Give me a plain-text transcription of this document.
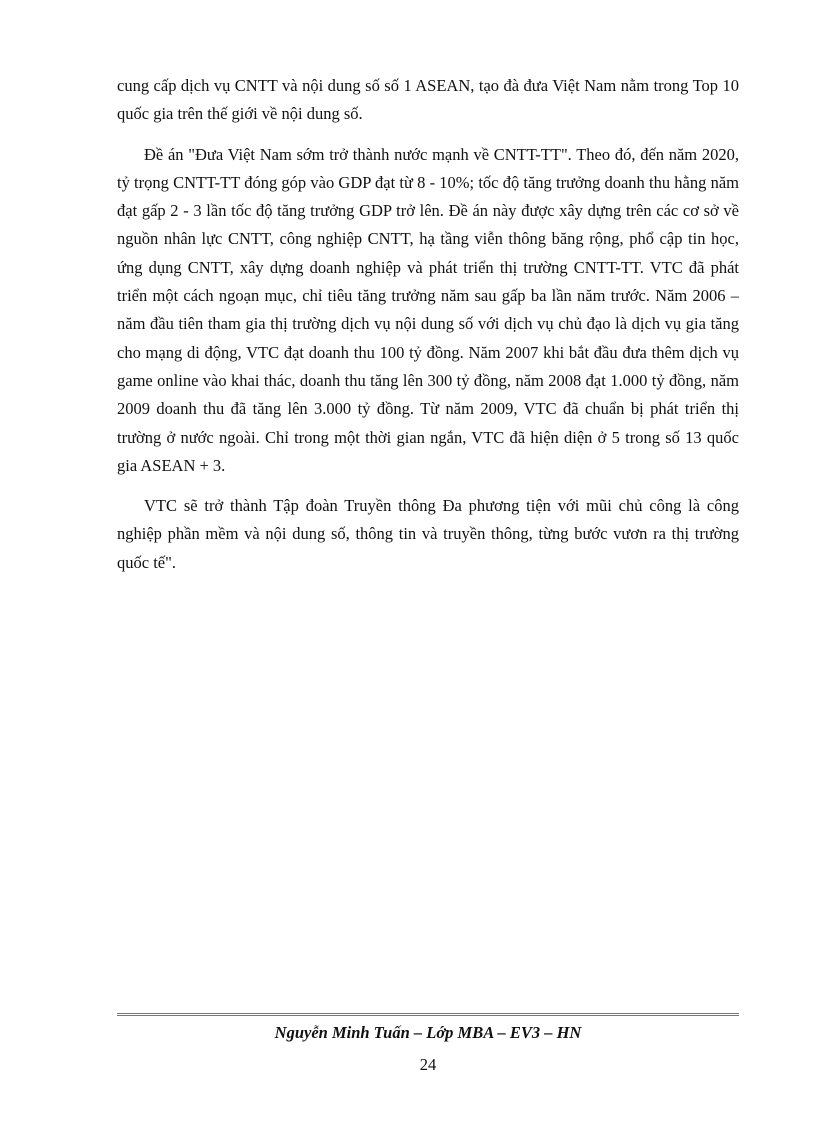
cung cấp dịch vụ CNTT và nội dung số số 1 ASEAN, tạo đà đưa Việt Nam nằm trong Top 10 quốc gia trên thế giới về nội dung số.

Đề án "Đưa Việt Nam sớm trở thành nước mạnh về CNTT-TT". Theo đó, đến năm 2020, tỷ trọng CNTT-TT đóng góp vào GDP đạt từ 8 - 10%; tốc độ tăng trưởng doanh thu hằng năm đạt gấp 2 - 3 lần tốc độ tăng trưởng GDP trở lên. Đề án này được xây dựng trên các cơ sở về nguồn nhân lực CNTT, công nghiệp CNTT, hạ tầng viễn thông băng rộng, phổ cập tin học, ứng dụng CNTT, xây dựng doanh nghiệp và phát triển thị trường CNTT-TT. VTC đã phát triển một cách ngoạn mục, chỉ tiêu tăng trưởng năm sau gấp ba lần năm trước. Năm 2006 – năm đầu tiên tham gia thị trường dịch vụ nội dung số với dịch vụ chủ đạo là dịch vụ gia tăng cho mạng di động, VTC đạt doanh thu 100 tỷ đồng. Năm 2007 khi bắt đầu đưa thêm dịch vụ game online vào khai thác, doanh thu tăng lên 300 tỷ đồng, năm 2008 đạt 1.000 tỷ đồng, năm 2009 doanh thu đã tăng lên 3.000 tỷ đồng. Từ năm 2009, VTC đã chuẩn bị phát triển thị trường ở nước ngoài. Chỉ trong một thời gian ngắn, VTC đã hiện diện ở 5 trong số 13 quốc gia ASEAN + 3.

VTC sẽ trở thành Tập đoàn Truyền thông Đa phương tiện với mũi chủ công là công nghiệp phần mềm và nội dung số, thông tin và truyền thông, từng bước vươn ra thị trường quốc tế".

Nguyễn Minh Tuấn – Lớp MBA – EV3 – HN
24
